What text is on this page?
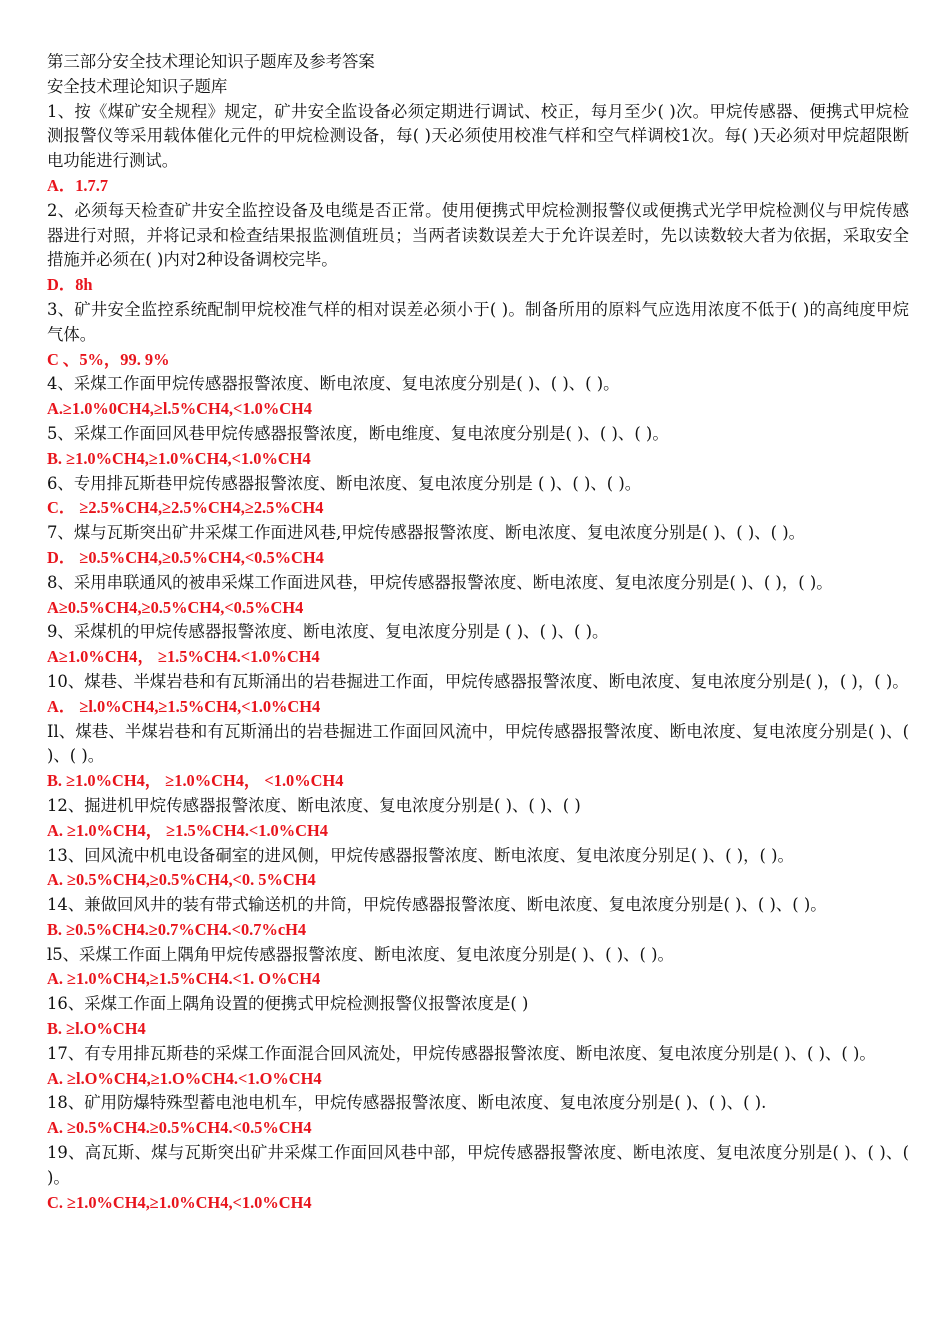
第三部分安全技术理论知识子题库及参考答案

安全技术理论知识子题库

1、按《煤矿安全规程》规定，矿井安全监设备必须定期进行调试、校正，每月至少( )次。甲烷传感器、便携式甲烷检测报警仪等采用载体催化元件的甲烷检测设备，每( )天必须使用校准气样和空气样调校1次。每( )天必须对甲烷超限断电功能进行测试。

A．1.7.7

2、必须每天检查矿井安全监控设备及电缆是否正常。使用便携式甲烷检测报警仪或便携式光学甲烷检测仪与甲烷传感器进行对照，并将记录和检查结果报监测值班员；当两者读数误差大于允许误差时，先以读数较大者为依据，采取安全措施并必须在( )内对2种设备调校完毕。

D．8h

3、矿井安全监控系统配制甲烷校准气样的相对误差必须小于( )。制备所用的原料气应选用浓度不低于( )的高纯度甲烷气体。

C 、5%，99. 9%

4、采煤工作面甲烷传感器报警浓度、断电浓度、复电浓度分别是( )、( )、( )。

A.≥1.0%0CH4,≥l.5%CH4,<1.0%CH4

5、采煤工作面回风巷甲烷传感器报警浓度，断电维度、复电浓度分别是( )、( )、( )。

B. ≥1.0%CH4,≥1.0%CH4,<1.0%CH4

6、专用排瓦斯巷甲烷传感器报警浓度、断电浓度、复电浓度分别是 ( )、( )、( )。

C． ≥2.5%CH4,≥2.5%CH4,≥2.5%CH4

7、煤与瓦斯突出矿井采煤工作面进风巷,甲烷传感器报警浓度、断电浓度、复电浓度分别是( )、( )、( )。

D． ≥0.5%CH4,≥0.5%CH4,<0.5%CH4

8、采用串联通风的被串采煤工作面进风巷，甲烷传感器报警浓度、断电浓度、复电浓度分别是( )、( )，( )。

A≥0.5%CH4,≥0.5%CH4,<0.5%CH4

9、采煤机的甲烷传感器报警浓度、断电浓度、复电浓度分别是 ( )、( )、( )。

A≥1.0%CH4， ≥1.5%CH4.<1.0%CH4

10、煤巷、半煤岩巷和有瓦斯涌出的岩巷掘进工作面，甲烷传感器报警浓度、断电浓度、复电浓度分别是( )，( )，( )。

A． ≥l.0%CH4,≥1.5%CH4,<1.0%CH4

Il、煤巷、半煤岩巷和有瓦斯涌出的岩巷掘进工作面回风流中，甲烷传感器报警浓度、断电浓度、复电浓度分别是( )、( )、( )。

B. ≥1.0%CH4， ≥1.0%CH4， <1.0%CH4

12、掘进机甲烷传感器报警浓度、断电浓度、复电浓度分别是( )、( )、( )

A. ≥1.0%CH4， ≥1.5%CH4.<1.0%CH4

13、回风流中机电设备硐室的进风侧，甲烷传感器报警浓度、断电浓度、复电浓度分别足( )、( )，( )。

A. ≥0.5%CH4,≥0.5%CH4,<0. 5%CH4

14、兼做回风井的装有带式输送机的井筒，甲烷传感器报警浓度、断电浓度、复电浓度分别是( )、( )、( )。

B. ≥0.5%CH4.≥0.7%CH4.<0.7%cH4

l5、采煤工作面上隅角甲烷传感器报警浓度、断电浓度、复电浓度分别是( )、( )、( )。

A. ≥1.0%CH4,≥1.5%CH4.<1. O%CH4

16、采煤工作面上隅角设置的便携式甲烷检测报警仪报警浓度是( )

B. ≥l.O%CH4

17、有专用排瓦斯巷的采煤工作面混合回风流处，甲烷传感器报警浓度、断电浓度、复电浓度分别是( )、( )、( )。

A. ≥l.O%CH4,≥1.O%CH4.<1.O%CH4

18、矿用防爆特殊型蓄电池电机车，甲烷传感器报警浓度、断电浓度、复电浓度分别是( )、( )、( ).

A. ≥0.5%CH4.≥0.5%CH4.<0.5%CH4

19、高瓦斯、煤与瓦斯突出矿井采煤工作面回风巷中部，甲烷传感器报警浓度、断电浓度、复电浓度分别是( )、( )、( )。

C. ≥1.0%CH4,≥1.0%CH4,<1.0%CH4
